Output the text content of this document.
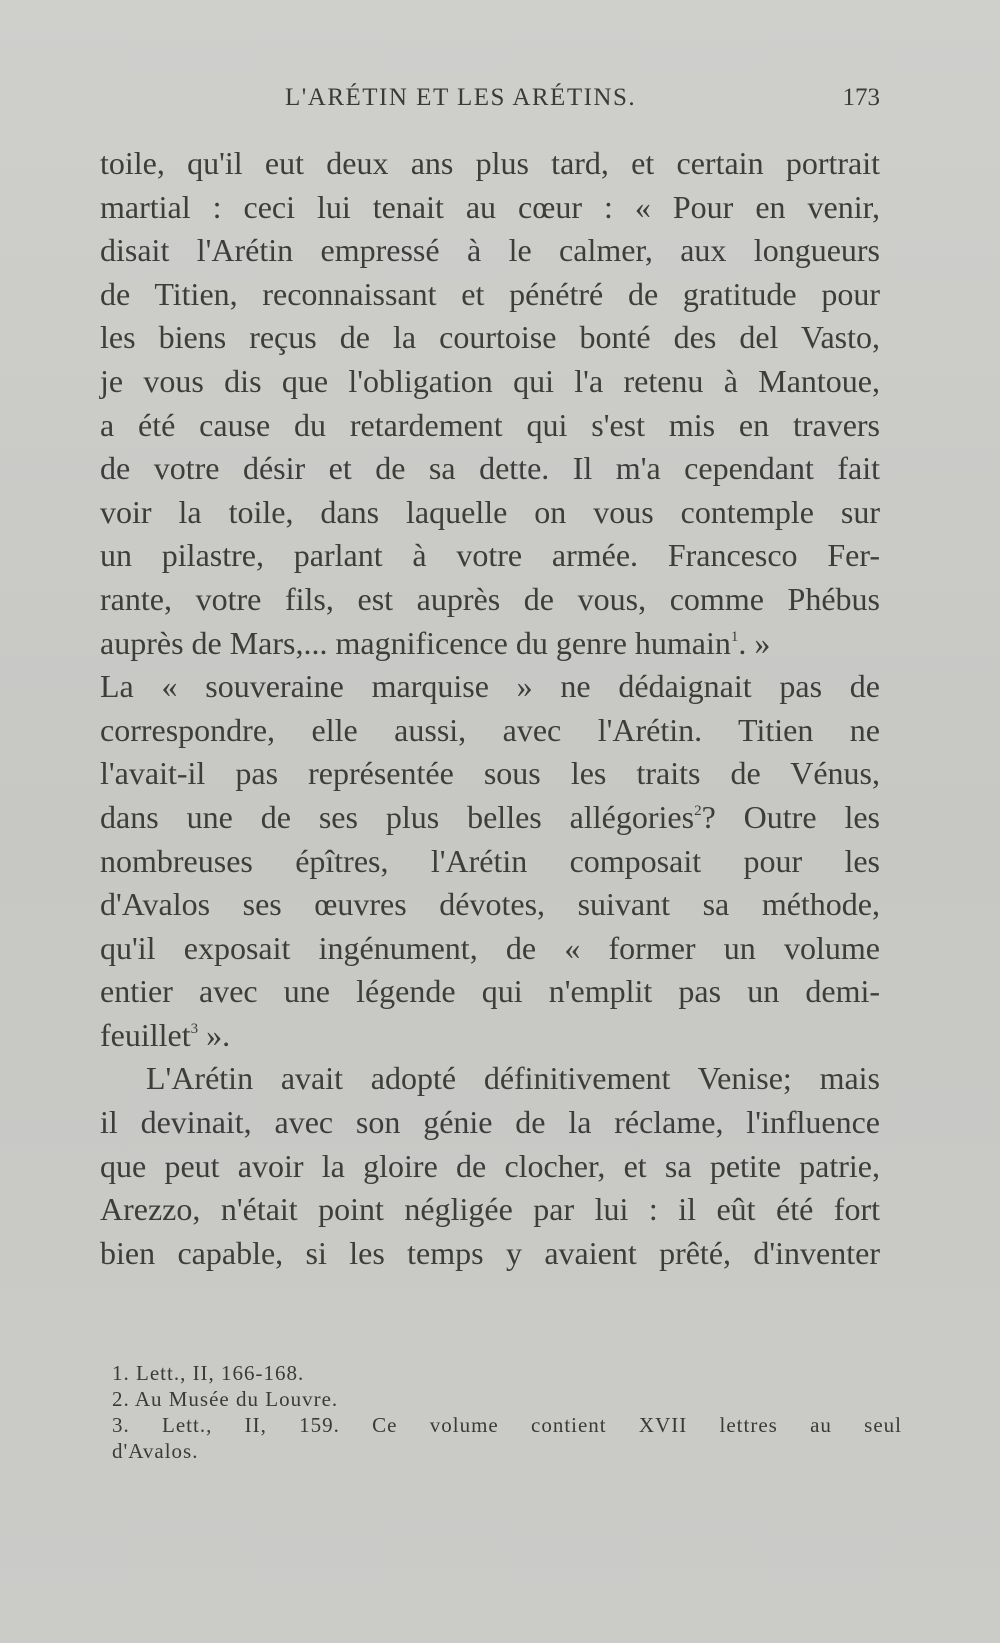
L'ARÉTIN ET LES ARÉTINS.	173
toile, qu'il eut deux ans plus tard, et certain portrait
martial : ceci lui tenait au cœur : « Pour en venir,
disait l'Arétin empressé à le calmer, aux longueurs
de Titien, reconnaissant et pénétré de gratitude pour
les biens reçus de la courtoise bonté des del Vasto,
je vous dis que l'obligation qui l'a retenu à Mantoue,
a été cause du retardement qui s'est mis en travers
de votre désir et de sa dette. Il m'a cependant fait
voir la toile, dans laquelle on vous contemple sur
un pilastre, parlant à votre armée. Francesco Fer-
rante, votre fils, est auprès de vous, comme Phébus
auprès de Mars,... magnificence du genre humain$^1$. »
La « souveraine marquise » ne dédaignait pas de
correspondre, elle aussi, avec l'Arétin. Titien ne
l'avait-il pas représentée sous les traits de Vénus,
dans une de ses plus belles allégories$^2$? Outre les
nombreuses épîtres, l'Arétin composait pour les
d'Avalos ses œuvres dévotes, suivant sa méthode,
qu'il exposait ingénument, de « former un volume
entier avec une légende qui n'emplit pas un demi-
feuillet$^3$ ».
L'Arétin avait adopté définitivement Venise; mais
il devinait, avec son génie de la réclame, l'influence
que peut avoir la gloire de clocher, et sa petite patrie,
Arezzo, n'était point négligée par lui : il eût été fort
bien capable, si les temps y avaient prêté, d'inventer
1. Lett., II, 166-168.
2. Au Musée du Louvre.
3. Lett., II, 159. Ce volume contient XVII lettres au seul
d'Avalos.
